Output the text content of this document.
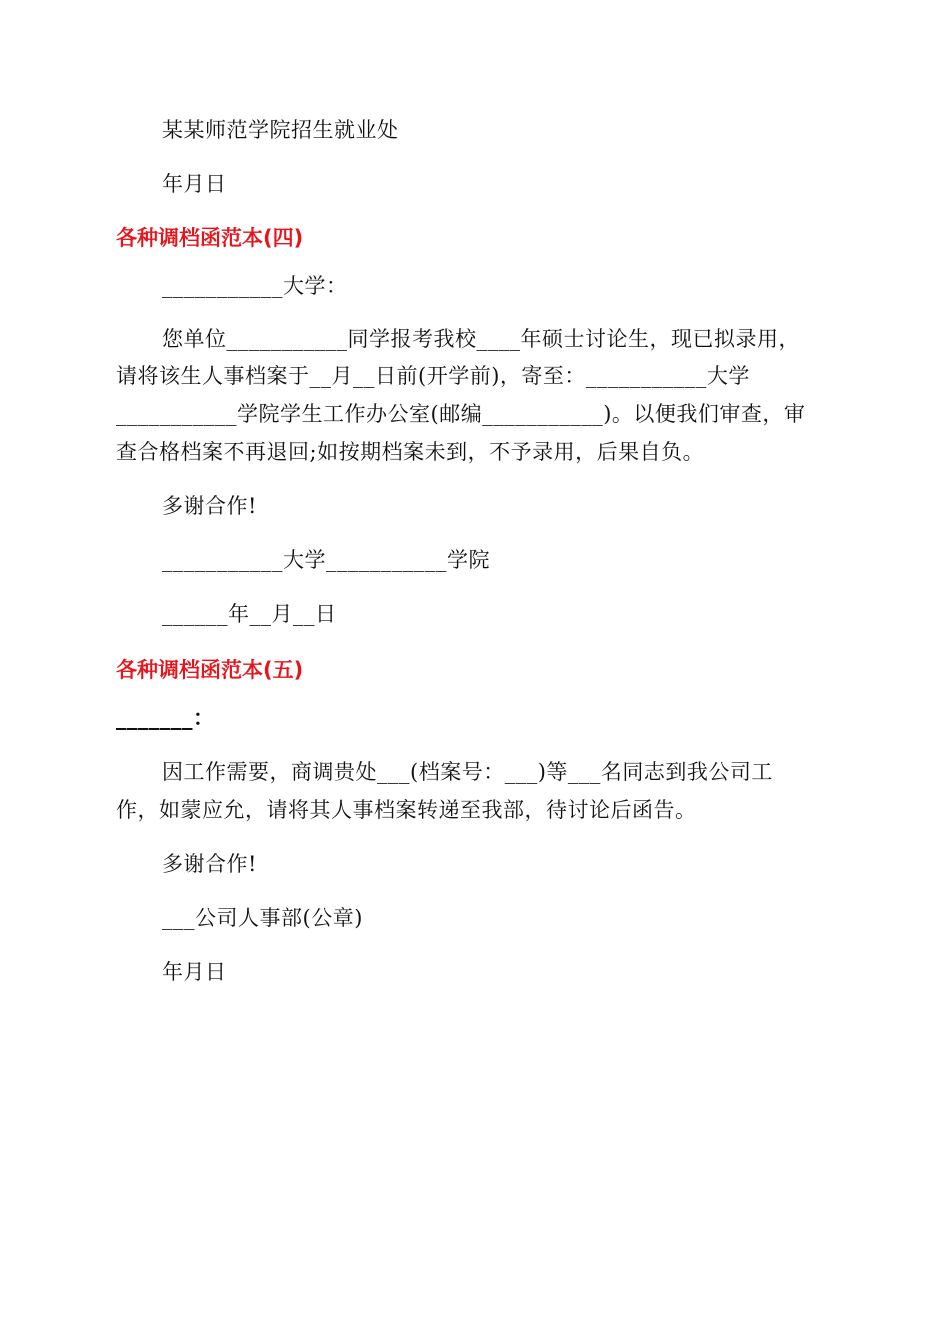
某某师范学院招生就业处
年月日
各种调档函范本(四)
___________大学：
您单位___________同学报考我校____年硕士讨论生，现已拟录用，
请将该生人事档案于__月__日前(开学前)，寄至：___________大学
___________学院学生工作办公室(邮编___________)。以便我们审查，审
查合格档案不再退回;如按期档案未到，不予录用，后果自负。
多谢合作!
___________大学___________学院
______年__月__日
各种调档函范本(五)
_______：
因工作需要，商调贵处___(档案号：___)等___名同志到我公司工
作，如蒙应允，请将其人事档案转递至我部，待讨论后函告。
多谢合作!
___公司人事部(公章)
年月日
